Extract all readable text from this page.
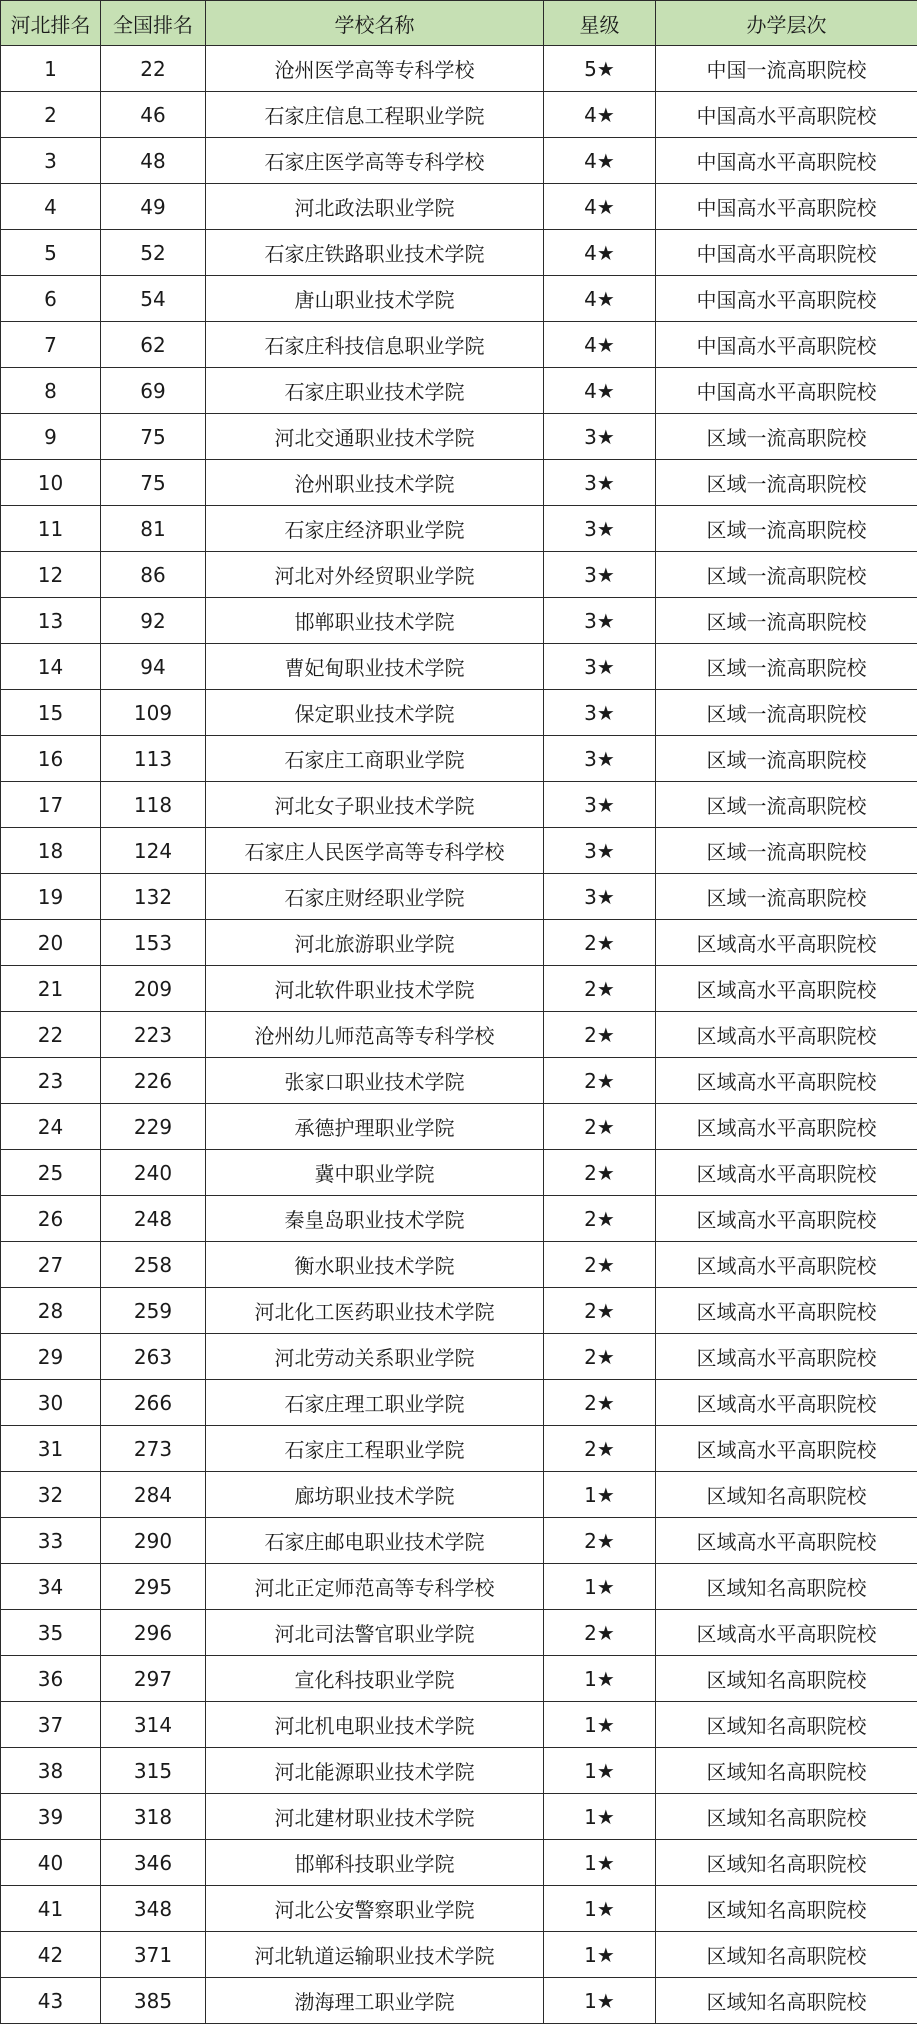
河北排名	全国排名	学校名称	星级	办学层次
1	22	沧州医学高等专科学校	5★	中国一流高职院校
2	46	石家庄信息工程职业学院	4★	中国高水平高职院校
3	48	石家庄医学高等专科学校	4★	中国高水平高职院校
4	49	河北政法职业学院	4★	中国高水平高职院校
5	52	石家庄铁路职业技术学院	4★	中国高水平高职院校
6	54	唐山职业技术学院	4★	中国高水平高职院校
7	62	石家庄科技信息职业学院	4★	中国高水平高职院校
8	69	石家庄职业技术学院	4★	中国高水平高职院校
9	75	河北交通职业技术学院	3★	区域一流高职院校
10	75	沧州职业技术学院	3★	区域一流高职院校
11	81	石家庄经济职业学院	3★	区域一流高职院校
12	86	河北对外经贸职业学院	3★	区域一流高职院校
13	92	邯郸职业技术学院	3★	区域一流高职院校
14	94	曹妃甸职业技术学院	3★	区域一流高职院校
15	109	保定职业技术学院	3★	区域一流高职院校
16	113	石家庄工商职业学院	3★	区域一流高职院校
17	118	河北女子职业技术学院	3★	区域一流高职院校
18	124	石家庄人民医学高等专科学校	3★	区域一流高职院校
19	132	石家庄财经职业学院	3★	区域一流高职院校
20	153	河北旅游职业学院	2★	区域高水平高职院校
21	209	河北软件职业技术学院	2★	区域高水平高职院校
22	223	沧州幼儿师范高等专科学校	2★	区域高水平高职院校
23	226	张家口职业技术学院	2★	区域高水平高职院校
24	229	承德护理职业学院	2★	区域高水平高职院校
25	240	冀中职业学院	2★	区域高水平高职院校
26	248	秦皇岛职业技术学院	2★	区域高水平高职院校
27	258	衡水职业技术学院	2★	区域高水平高职院校
28	259	河北化工医药职业技术学院	2★	区域高水平高职院校
29	263	河北劳动关系职业学院	2★	区域高水平高职院校
30	266	石家庄理工职业学院	2★	区域高水平高职院校
31	273	石家庄工程职业学院	2★	区域高水平高职院校
32	284	廊坊职业技术学院	1★	区域知名高职院校
33	290	石家庄邮电职业技术学院	2★	区域高水平高职院校
34	295	河北正定师范高等专科学校	1★	区域知名高职院校
35	296	河北司法警官职业学院	2★	区域高水平高职院校
36	297	宣化科技职业学院	1★	区域知名高职院校
37	314	河北机电职业技术学院	1★	区域知名高职院校
38	315	河北能源职业技术学院	1★	区域知名高职院校
39	318	河北建材职业技术学院	1★	区域知名高职院校
40	346	邯郸科技职业学院	1★	区域知名高职院校
41	348	河北公安警察职业学院	1★	区域知名高职院校
42	371	河北轨道运输职业技术学院	1★	区域知名高职院校
43	385	渤海理工职业学院	1★	区域知名高职院校
